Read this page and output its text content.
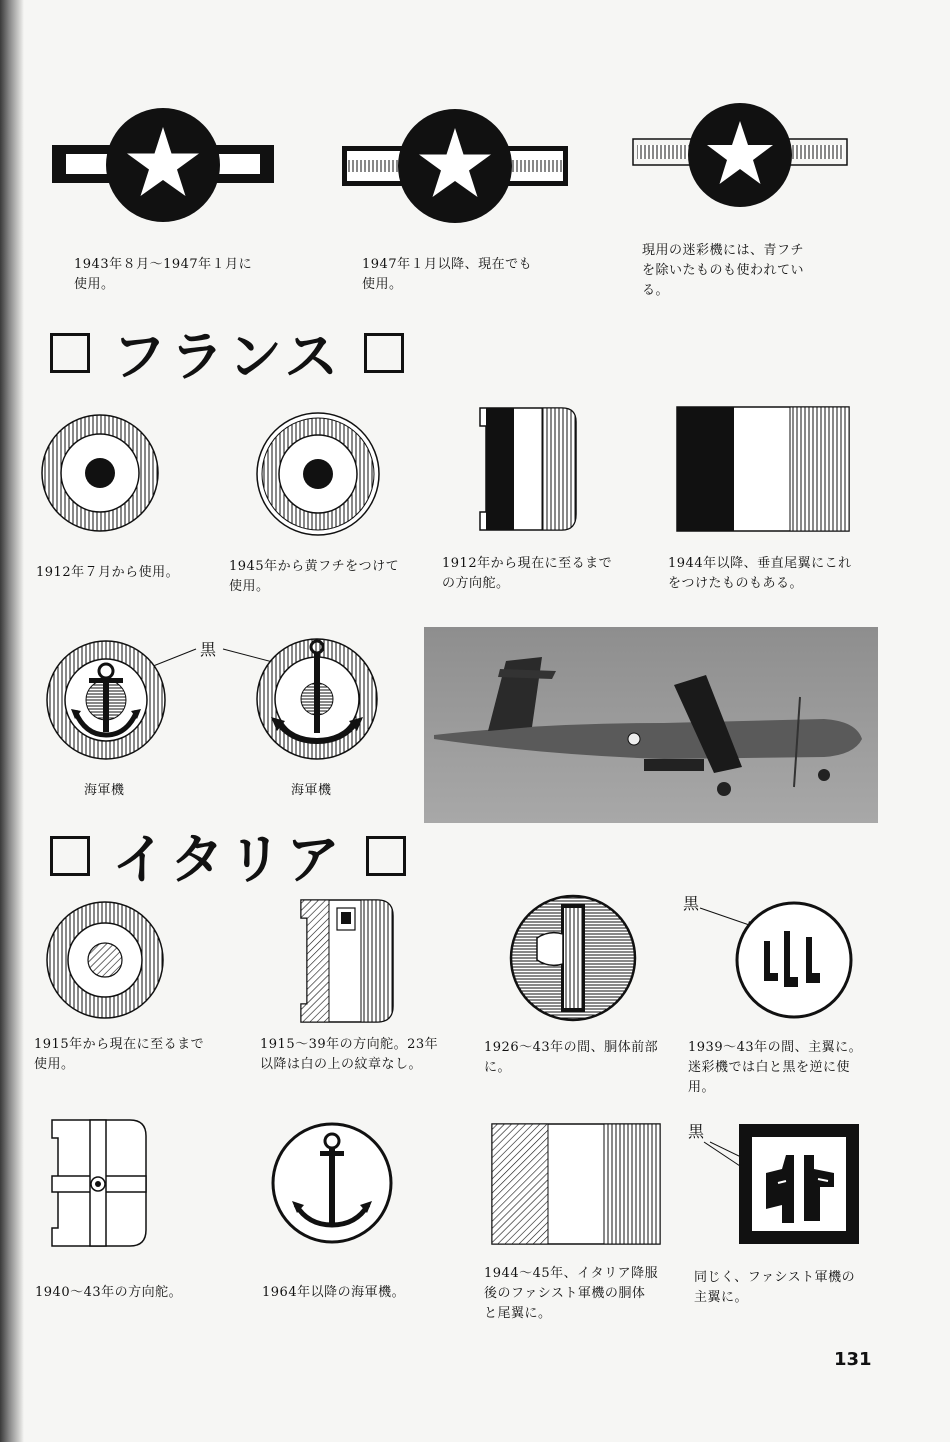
1943年８月〜1947年１月に
使用。
1947年１月以降、現在でも
使用。
現用の迷彩機には、青フチ
を除いたものも使われてい
る。
フランス
1912年７月から使用。	1945年から黄フチをつけて
使用。
1912年から現在に至るまで
の方向舵。
1944年以降、垂直尾翼にこれ
をつけたものもある。
黒
海軍機	海軍機
イタリア
黒
1915年から現在に至るまで
使用。
1915〜39年の方向舵。23年
以降は白の上の紋章なし。
1926〜43年の間、胴体前部
に。
1939〜43年の間、主翼に。
迷彩機では白と黒を逆に使
用。
黒
1940〜43年の方向舵。	1964年以降の海軍機。
1944〜45年、イタリア降服
後のファシスト軍機の胴体
と尾翼に。
同じく、ファシスト軍機の
主翼に。
131
